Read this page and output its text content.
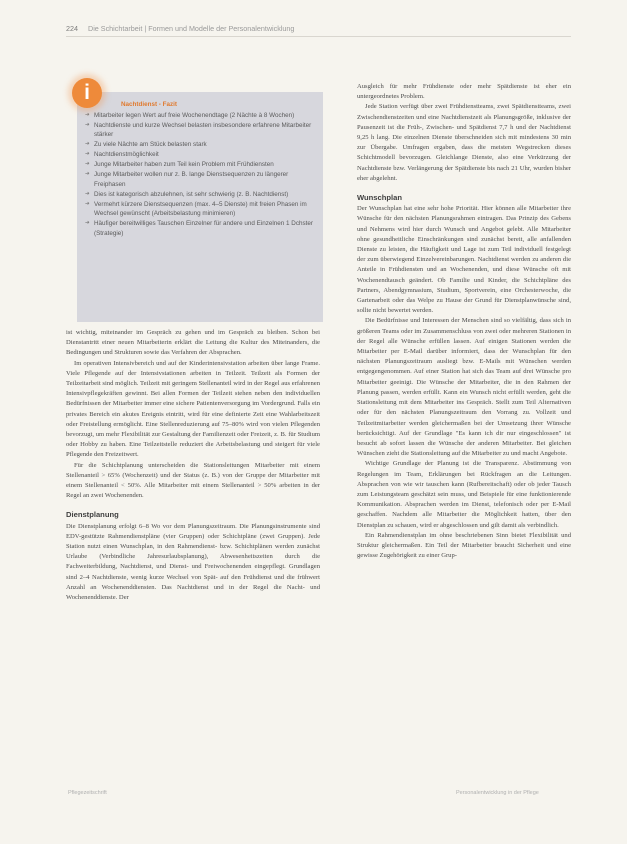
224 Die Schichtarbeit | Formen und Modelle der Personalentwicklung
Nachtdienst - Fazit
➜ Mitarbeiter legen Wert auf freie Wochenendtage (2 Nächte à 8 Wochen)
➜ Nachtdienste und kurze Wechsel belasten insbesondere erfahrene Mitarbeiter stärker
➜ Zu viele Nächte am Stück belasten stark
➜ Nachtdienstmöglichkeit
➜ Junge Mitarbeiter haben zum Teil kein Problem mit Frühdiensten
➜ Junge Mitarbeiter wollen nur z. B. lange Dienstsequenzen zu längerer Freiphasen
➜ Dies ist kategorisch abzulehnen, ist sehr schwierig (z. B. Nachtdienst)
➜ Vermehrt kürzere Dienstsequenzen (max. 4–5 Dienste) mit freien Phasen im Wechsel gewünscht (Arbeitsbelastung minimieren)
➜ Häufiger bereitwilliges Tauschen Einzelner für andere und Einzelnen 1 Dchster (Strategie)
i

ist wichtig, miteinander im Gespräch zu gehen und im Gespräch zu bleiben. Schon bei Dienstantritt einer neuen Mitarbeiterin erklärt die Leitung die Kultur des Miteinanders, die Bedingungen und Strukturen sowie das Verfahren der Absprachen.

Im operativen Intensivbereich und auf der Kinderintensivstation arbeiten über lange Frame. Viele Pflegende auf der Intensivstationen arbeiten in Teilzeit. Teilzeit als Formen der Teilzeitarbeit sind möglich. Teilzeit mit geringem Stellenanteil wird in der Regel aus erfahrenen Intensivpflegekräften gewinnt. Bei allen Formen der Teilzeit stehen neben den individuellen Bedürfnissen der Mitarbeiter immer eine sichere Patientenversorgung im Vordergrund. Falls ein privates Bereich ein akutes Ereignis eintritt, wird für eine definierte Zeit eine Wahlarbeitszeit oder Freistellung ermöglicht. Eine Stellenreduzierung auf 75–80% wird von vielen Pflegenden bevorzugt, um mehr Flexibilität zur Gestaltung der Familienzeit oder Freizeit, z. B. für Studium oder Hobby zu haben. Eine Teilzeitstelle reduziert die Arbeitsbelastung und steigert für viele Pflegende den Freizeitwert.

Für die Schichtplanung unterscheiden die Stationsleitungen Mitarbeiter mit einem Stellenanteil > 65% (Wochenzeit) und der Status (z. B.) von der Gruppe der Mitarbeiter mit einem Stellenanteil < 50%. Alle Mitarbeiter mit einem Stellenanteil > 50% arbeiten in der Regel an zwei Wochenenden.

Dienstplanung

Die Dienstplanung erfolgt 6–8 Wo vor dem Planungszeitraum. Die Planungsinstrumente sind EDV-gestützte Rahmendienstpläne (vier Gruppen) oder Schichtpläne (zwei Gruppen). Jede Station nutzt einen Wunschplan, in den Rahmendienst- bzw. Schichtplänen werden zunächst Urlaube (Verbindliche Jahresurlaubsplanung), Abwesenheitszeiten durch die Fachweiterbildung, Nachtdienst, und Dienst- und Freiwochenenden eingepflegt. Grundlagen sind 2–4 Nachtdienste, wenig kurze Wechsel von Spät- auf den Frühdienst und die frühwert Anzahl an Wochenenddiensten. Das Nachtdienst und in der Regel die Nacht- und Wochenenddienste. Der

Ausgleich für mehr Frühdienste oder mehr Spätdienste ist eher ein untergeordnetes Problem.

Jede Station verfügt über zwei Frühdienstteams, zwei Spätdienstteams, zwei Zwischendienstzeiten und eine Nachtdienstzeit als Planungsgröße, inklusive der Pausenzeit ist die Früh-, Zwischen- und Spätdienst 7,7 h und der Nachtdienst 9,25 h lang. Die einzelnen Dienste überschneiden sich mit mindestens 30 min zur Übergabe. Umfragen ergaben, dass die meisten Wegstrecken dieses Schichtmodell bevorzugen. Gleichlange Dienste, also eine Verkürzung der Nachtdienste bzw. Verlängerung der Spätdienste bis nach 21 Uhr, wurden bisher eher abgelehnt.

Wunschplan

Der Wunschplan hat eine sehr hohe Priorität. Hier können alle Mitarbeiter ihre Wünsche für den nächsten Planungsrahmen eintragen. Das Prinzip des Gebens und Nehmens wird hier durch Wunsch und Angebot gelebt. Alle Mitarbeiter ohne gesundheitliche Einschränkungen sind zunächst bereit, alle anfallenden Dienste zu leisten, die Häufigkeit und Lage ist zum Teil individuell festgelegt der zum überwiegend Einzelvereinbarungen. Nachtdienst werden zu anderen die Anteile in Frühdiensten und an Wochenenden, und diese Wünsche oft mit Wochenendtausch geändert. Ob Familie und Kinder, die Schichtpläne des Partners, Abendgymnasium, Studium, Sportverein, eine Orchesterwoche, die Gartenarbeit oder das Welpe zu Hause der Grund für Dienstplanwünsche sind, sollte nicht bewertet werden.

Die Bedürfnisse und Interessen der Menschen sind so vielfältig, dass sich in größeren Teams oder im Zusammenschluss von zwei oder mehreren Stationen in der Regel alle Wünsche erfüllen lassen. Auf einigen Stationen werden die Mitarbeiter per E-Mail darüber informiert, dass der Wunschplan für den nächsten Planungszeitraum ausliegt bzw. E-Mails mit Wünschen werden entgegengenommen. Auf einer Station hat sich das Team auf drei Wünsche pro Mitarbeiter geeinigt. Die Wünsche der Mitarbeiter, die in den Rahmen der Planung passen, werden erfüllt. Kann ein Wunsch nicht erfüllt werden, geht die Stationsleitung mit dem Mitarbeiter ins Gespräch. Stellt zum Teil Alternativen oder für den nächsten Planungszeitraum den Vorrang zu. Vollzeit und Teilzeitmitarbeiter werden gleichermaßen bei der Umsetzung ihrer Wünsche berücksichtigt. Auf der Grundlage "Es kann ich dir nur eingeschlossen" ist besucht ab sofort lassen die Wünsche der anderen Mitarbeiter. Bei gleichen Wünschen zieht die Stationsleitung auf die Mitarbeiter zu und macht Angebote.

Wichtige Grundlage der Planung ist die Transparenz. Abstimmung von Regelungen im Team, Erklärungen bei Rückfragen an die Leitungen. Absprachen von wie wir tauschen kann (Rufbereitschaft) oder ob jeder Tausch zum Leistungsteam geschätzt sein muss, und Beispiele für eine funktionierende Kommunikation. Absprachen werden im Dienst, telefonisch oder per E-Mail geschaffen. Nachdem alle Mitarbeiter die Möglichkeit hatten, über den Dienstplan zu schauen, wird er abgeschlossen und gilt damit als verbindlich.

Ein Rahmendienstplan im ohne beschriebenen Sinn bietet Flexibilität und Struktur gleichermaßen. Ein Teil der Mitarbeiter braucht Sicherheit und eine gewisse Zugehörigkeit zu einer Grup-

Pflegezeitschrift	Personalentwicklung in der Pflege
